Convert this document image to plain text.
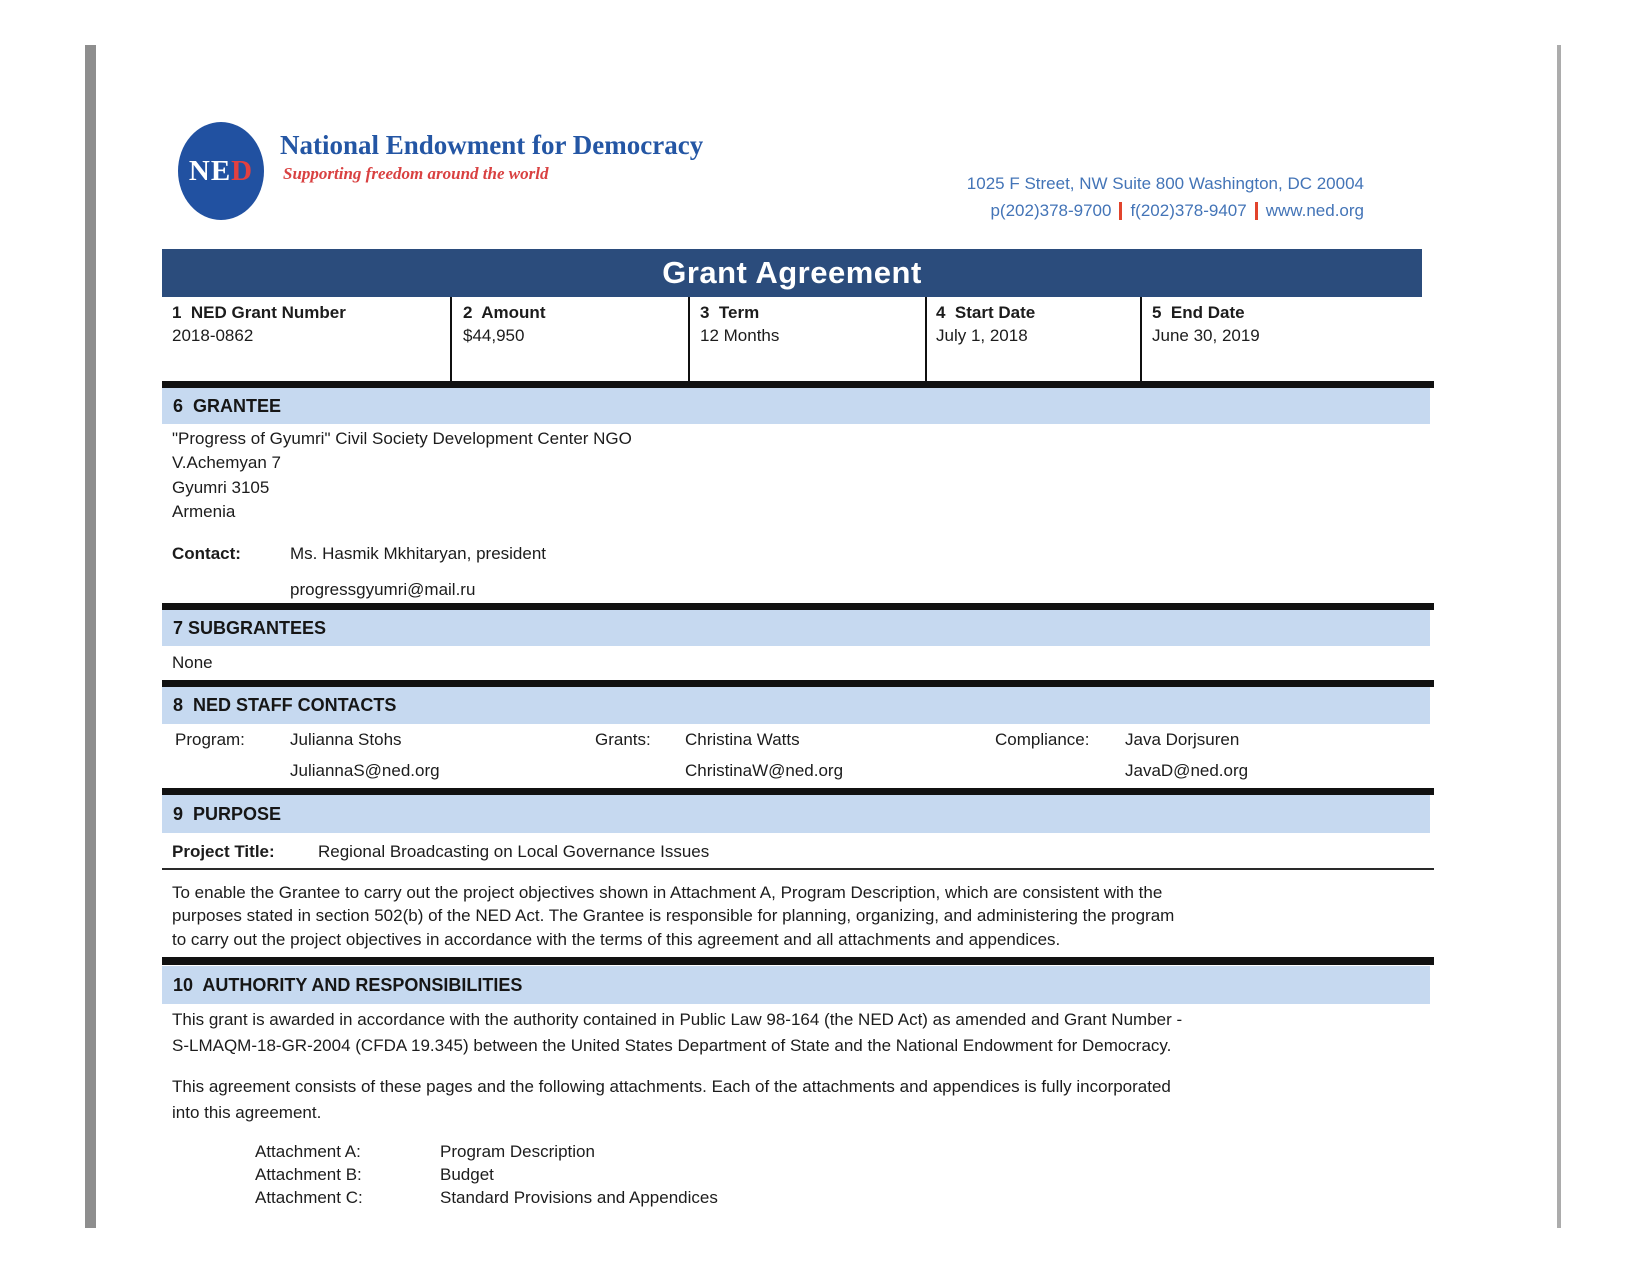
NE D
National Endowment for Democracy
Supporting freedom around the world
1025 F Street, NW Suite 800 Washington, DC 20004
p(202)378-9700 f(202)378-9407 www.ned.org
Grant Agreement
1  NED Grant Number
2018-0862
2  Amount
$44,950
3  Term
12 Months
4  Start Date
July 1, 2018
5  End Date
June 30, 2019
6  GRANTEE
"Progress of Gyumri" Civil Society Development Center NGO
V.Achemyan 7
Gyumri 3105
Armenia
Contact:	Ms. Hasmik Mkhitaryan, president
progressgyumri@mail.ru
7 SUBGRANTEES
None
8  NED STAFF CONTACTS
Program:	Julianna Stohs
JuliannaS@ned.org
Grants: Christina Watts
ChristinaW@ned.org
Compliance: Java Dorjsuren
JavaD@ned.org
9  PURPOSE
Project Title:	Regional Broadcasting on Local Governance Issues
To enable the Grantee to carry out the project objectives shown in Attachment A, Program Description, which are consistent with the
purposes stated in section 502(b) of the NED Act. The Grantee is responsible for planning, organizing, and administering the program
to carry out the project objectives in accordance with the terms of this agreement and all attachments and appendices.
10  AUTHORITY AND RESPONSIBILITIES
This grant is awarded in accordance with the authority contained in Public Law 98-164 (the NED Act) as amended and Grant Number -
S-LMAQM-18-GR-2004 (CFDA 19.345) between the United States Department of State and the National Endowment for Democracy.
This agreement consists of these pages and the following attachments. Each of the attachments and appendices is fully incorporated
into this agreement.
Attachment A:	Program Description
Attachment B:	Budget
Attachment C:	Standard Provisions and Appendices
